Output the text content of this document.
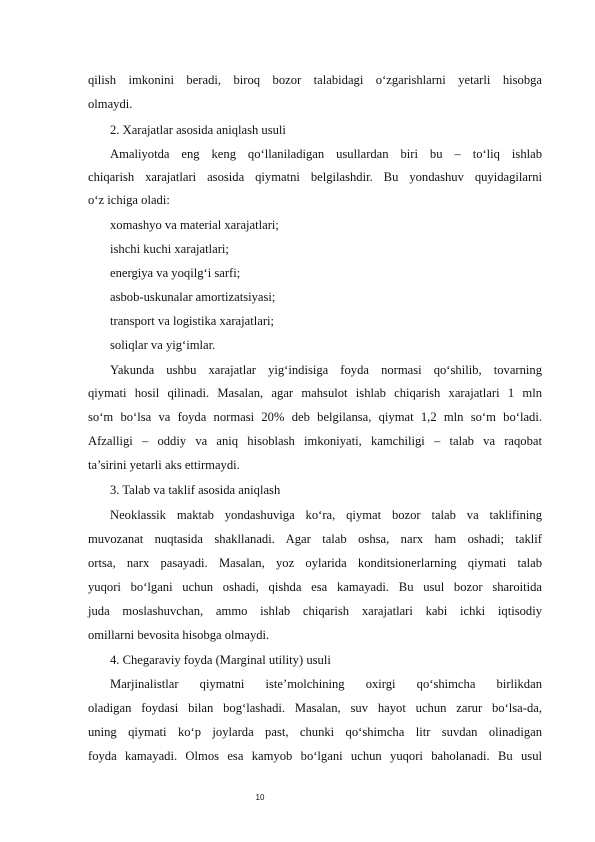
qilish imkonini beradi, biroq bozor talabidagi o‘zgarishlarni yetarli hisobga
olmaydi.
2. Xarajatlar asosida aniqlash usuli
Amaliyotda eng keng qo‘llaniladigan usullardan biri bu – to‘liq ishlab
chiqarish xarajatlari asosida qiymatni belgilashdir. Bu yondashuv quyidagilarni
o‘z ichiga oladi:
xomashyo va material xarajatlari;
ishchi kuchi xarajatlari;
energiya va yoqilg‘i sarfi;
asbob-uskunalar amortizatsiyasi;
transport va logistika xarajatlari;
soliqlar va yig‘imlar.
Yakunda ushbu xarajatlar yig‘indisiga foyda normasi qo‘shilib, tovarning
qiymati hosil qilinadi. Masalan, agar mahsulot ishlab chiqarish xarajatlari 1 mln
so‘m bo‘lsa va foyda normasi 20% deb belgilansa, qiymat 1,2 mln so‘m bo‘ladi.
Afzalligi – oddiy va aniq hisoblash imkoniyati, kamchiligi – talab va raqobat
ta’sirini yetarli aks ettirmaydi.
3. Talab va taklif asosida aniqlash
Neoklassik maktab yondashuviga ko‘ra, qiymat bozor talab va taklifining
muvozanat nuqtasida shakllanadi. Agar talab oshsa, narx ham oshadi; taklif
ortsa, narx pasayadi. Masalan, yoz oylarida konditsionerlarning qiymati talab
yuqori bo‘lgani uchun oshadi, qishda esa kamayadi. Bu usul bozor sharoitida
juda moslashuvchan, ammo ishlab chiqarish xarajatlari kabi ichki iqtisodiy
omillarni bevosita hisobga olmaydi.
4. Chegaraviy foyda (Marginal utility) usuli
Marjinalistlar qiymatni iste’molchining oxirgi qo‘shimcha birlikdan
oladigan foydasi bilan bog‘lashadi. Masalan, suv hayot uchun zarur bo‘lsa-da,
uning qiymati ko‘p joylarda past, chunki qo‘shimcha litr suvdan olinadigan
foyda kamayadi. Olmos esa kamyob bo‘lgani uchun yuqori baholanadi. Bu usul
10
